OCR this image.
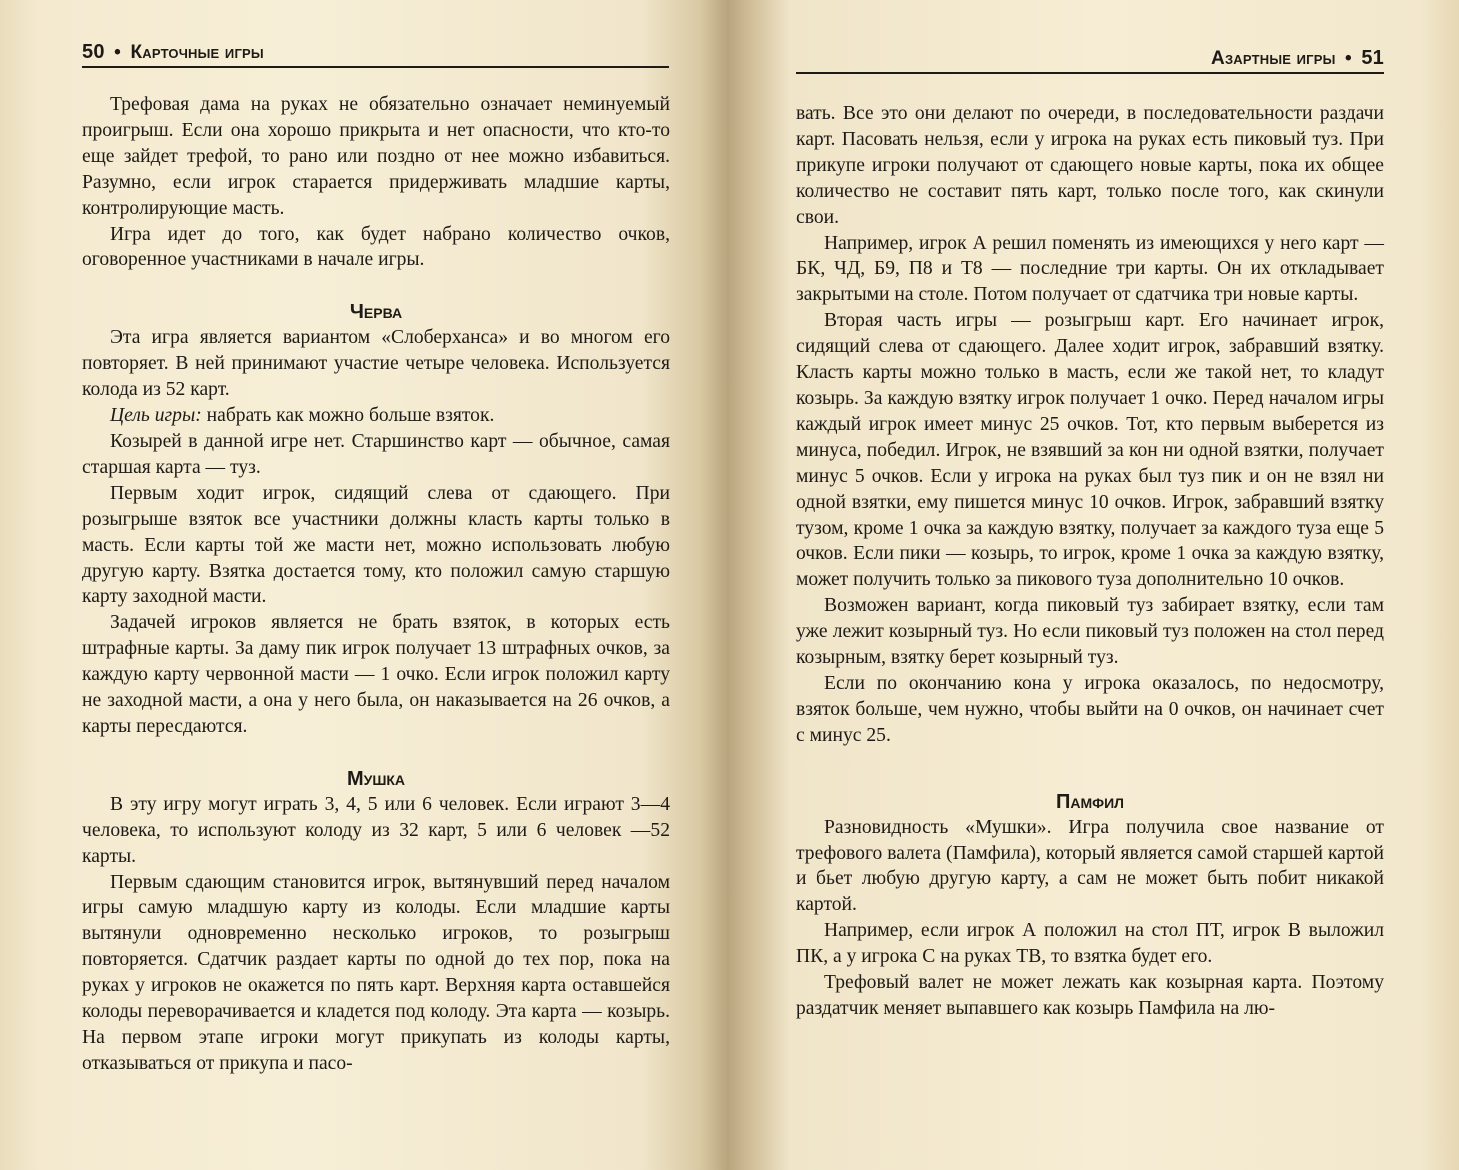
50 • Карточные игры

Трефовая дама на руках не обязательно означает неминуемый проигрыш. Если она хорошо прикрыта и нет опасности, что кто-то еще зайдет трефой, то рано или поздно от нее можно избавиться. Разумно, если игрок старается придерживать младшие карты, контролирующие масть.

Игра идет до того, как будет набрано количество очков, оговоренное участниками в начале игры.

Черва

Эта игра является вариантом «Слоберханса» и во многом его повторяет. В ней принимают участие четыре человека. Используется колода из 52 карт.

Цель игры: набрать как можно больше взяток.

Козырей в данной игре нет. Старшинство карт — обычное, самая старшая карта — туз.

Первым ходит игрок, сидящий слева от сдающего. При розыгрыше взяток все участники должны класть карты только в масть. Если карты той же масти нет, можно использовать любую другую карту. Взятка достается тому, кто положил самую старшую карту заходной масти.

Задачей игроков является не брать взяток, в которых есть штрафные карты. За даму пик игрок получает 13 штрафных очков, за каждую карту червонной масти — 1 очко. Если игрок положил карту не заходной масти, а она у него была, он наказывается на 26 очков, а карты пересдаются.

Мушка

В эту игру могут играть 3, 4, 5 или 6 человек. Если играют 3—4 человека, то используют колоду из 32 карт, 5 или 6 человек —52 карты.

Первым сдающим становится игрок, вытянувший перед началом игры самую младшую карту из колоды. Если младшие карты вытянули одновременно несколько игроков, то розыгрыш повторяется. Сдатчик раздает карты по одной до тех пор, пока на руках у игроков не окажется по пять карт. Верхняя карта оставшейся колоды переворачивается и кладется под колоду. Эта карта — козырь. На первом этапе игроки могут прикупать из колоды карты, отказываться от прикупа и пасо-

Азартные игры • 51

вать. Все это они делают по очереди, в последовательности раздачи карт. Пасовать нельзя, если у игрока на руках есть пиковый туз. При прикупе игроки получают от сдающего новые карты, пока их общее количество не составит пять карт, только после того, как скинули свои.

Например, игрок А решил поменять из имеющихся у него карт — БК, ЧД, Б9, П8 и Т8 — последние три карты. Он их откладывает закрытыми на столе. Потом получает от сдатчика три новые карты.

Вторая часть игры — розыгрыш карт. Его начинает игрок, сидящий слева от сдающего. Далее ходит игрок, забравший взятку. Класть карты можно только в масть, если же такой нет, то кладут козырь. За каждую взятку игрок получает 1 очко. Перед началом игры каждый игрок имеет минус 25 очков. Тот, кто первым выберется из минуса, победил. Игрок, не взявший за кон ни одной взятки, получает минус 5 очков. Если у игрока на руках был туз пик и он не взял ни одной взятки, ему пишется минус 10 очков. Игрок, забравший взятку тузом, кроме 1 очка за каждую взятку, получает за каждого туза еще 5 очков. Если пики — козырь, то игрок, кроме 1 очка за каждую взятку, может получить только за пикового туза дополнительно 10 очков.

Возможен вариант, когда пиковый туз забирает взятку, если там уже лежит козырный туз. Но если пиковый туз положен на стол перед козырным, взятку берет козырный туз.

Если по окончанию кона у игрока оказалось, по недосмотру, взяток больше, чем нужно, чтобы выйти на 0 очков, он начинает счет с минус 25.

Памфил

Разновидность «Мушки». Игра получила свое название от трефового валета (Памфила), который является самой старшей картой и бьет любую другую карту, а сам не может быть побит никакой картой.

Например, если игрок А положил на стол ПТ, игрок В выложил ПК, а у игрока С на руках ТВ, то взятка будет его.

Трефовый валет не может лежать как козырная карта. Поэтому раздатчик меняет выпавшего как козырь Памфила на лю-
